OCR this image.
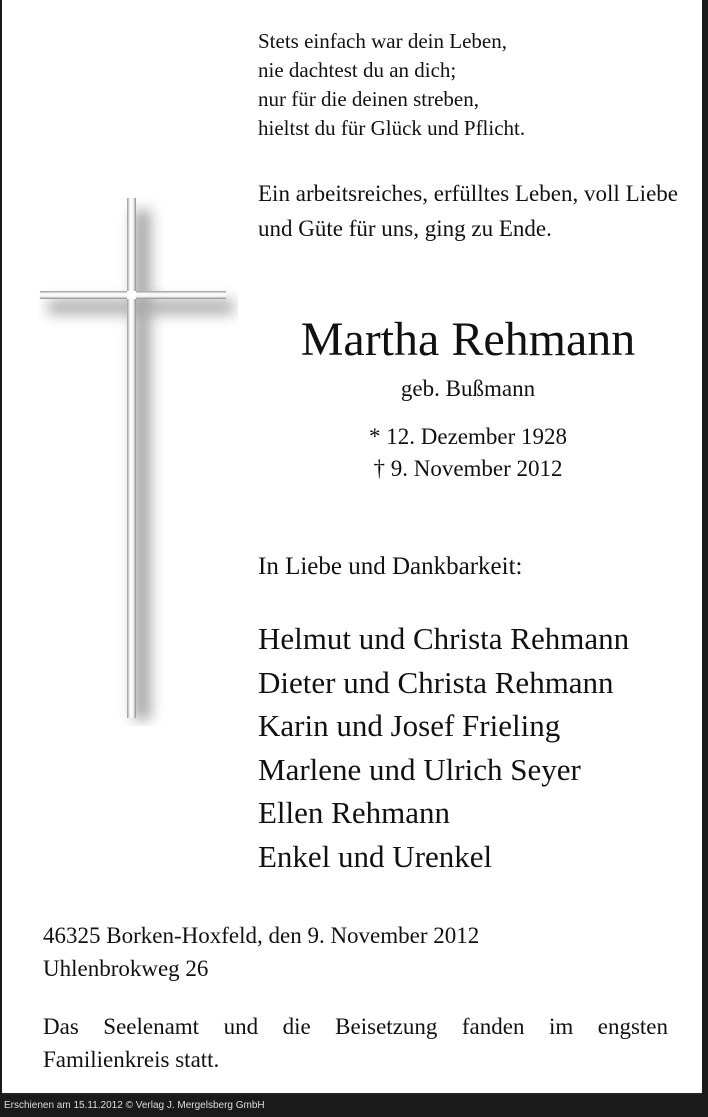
Stets einfach war dein Leben,
nie dachtest du an dich;
nur für die deinen streben,
hieltst du für Glück und Pflicht.
Ein arbeitsreiches, erfülltes Leben, voll Liebe und Güte für uns, ging zu Ende.
Martha Rehmann
geb. Bußmann
* 12. Dezember 1928
† 9. November 2012
In Liebe und Dankbarkeit:
Helmut und Christa Rehmann
Dieter und Christa Rehmann
Karin und Josef Frieling
Marlene und Ulrich Seyer
Ellen Rehmann
Enkel und Urenkel
46325 Borken-Hoxfeld, den 9. November 2012
Uhlenbrokweg 26
Das Seelenamt und die Beisetzung fanden im engsten Familienkreis statt.
Erschienen am 15.11.2012 © Verlag J. Mergelsberg GmbH
